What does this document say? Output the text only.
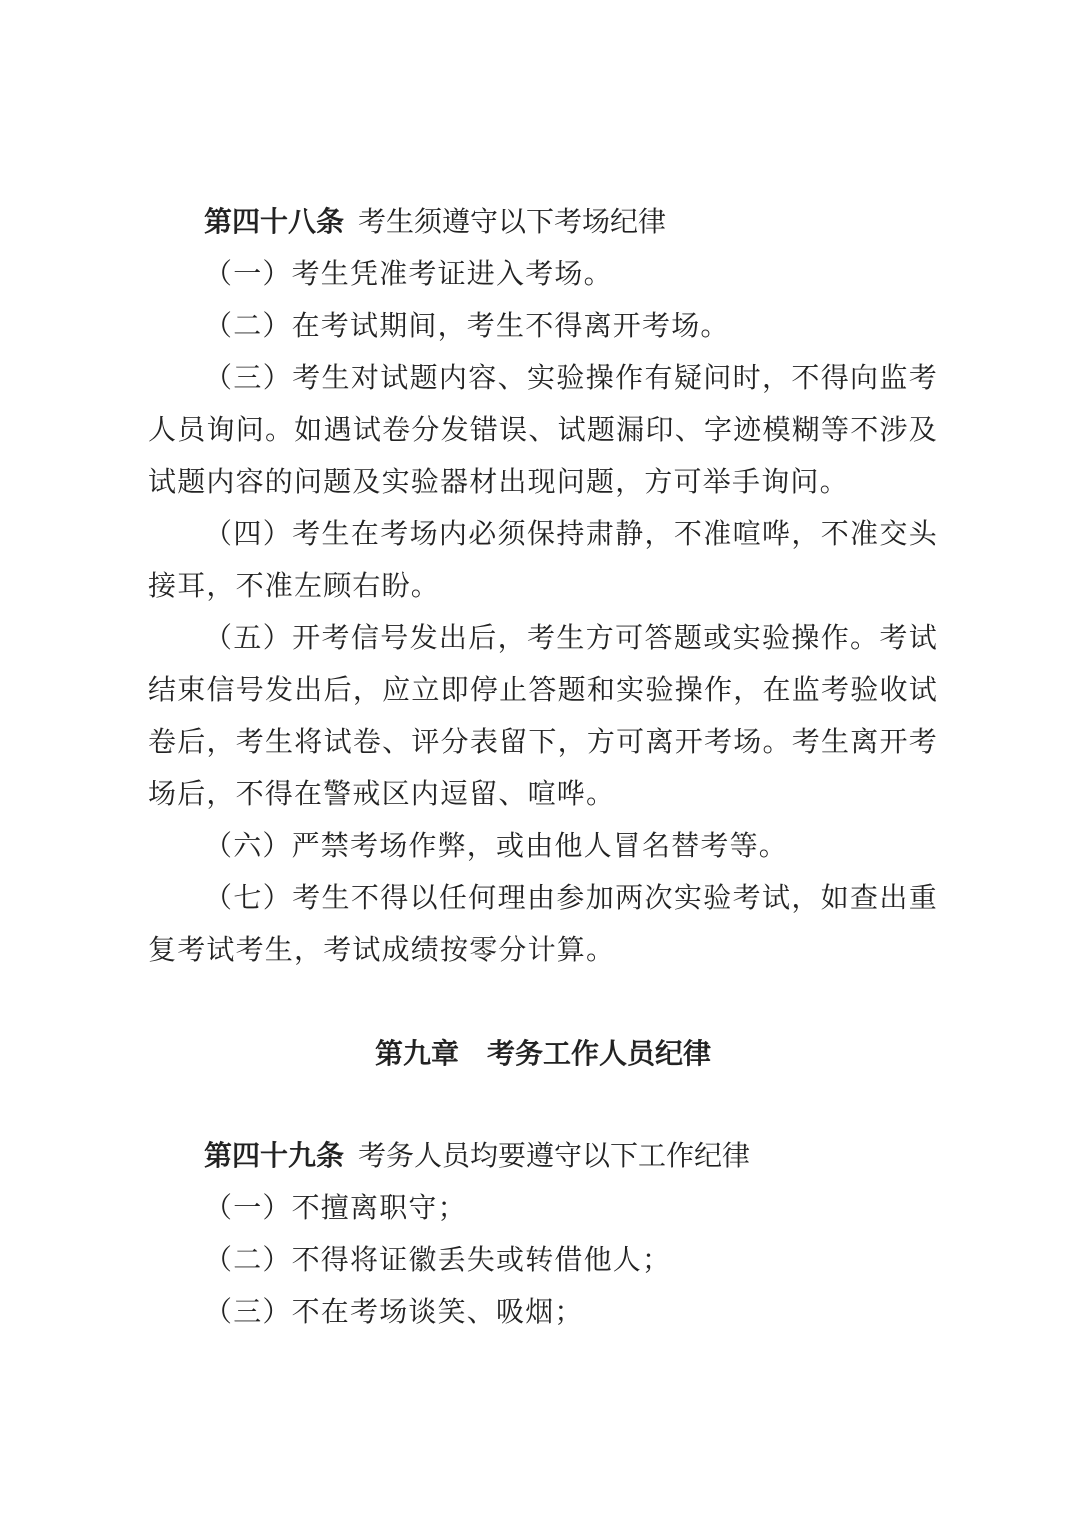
第四十八条 考生须遵守以下考场纪律

（一）考生凭准考证进入考场。

（二）在考试期间，考生不得离开考场。

（三）考生对试题内容、实验操作有疑问时，不得向监考人员询问。如遇试卷分发错误、试题漏印、字迹模糊等不涉及试题内容的问题及实验器材出现问题，方可举手询问。

（四）考生在考场内必须保持肃静，不准喧哗，不准交头接耳，不准左顾右盼。

（五）开考信号发出后，考生方可答题或实验操作。考试结束信号发出后，应立即停止答题和实验操作，在监考验收试卷后，考生将试卷、评分表留下，方可离开考场。考生离开考场后，不得在警戒区内逗留、喧哗。

（六）严禁考场作弊，或由他人冒名替考等。

（七）考生不得以任何理由参加两次实验考试，如查出重复考试考生，考试成绩按零分计算。

第九章　考务工作人员纪律

第四十九条 考务人员均要遵守以下工作纪律

（一）不擅离职守；

（二）不得将证徽丢失或转借他人；

（三）不在考场谈笑、吸烟；
